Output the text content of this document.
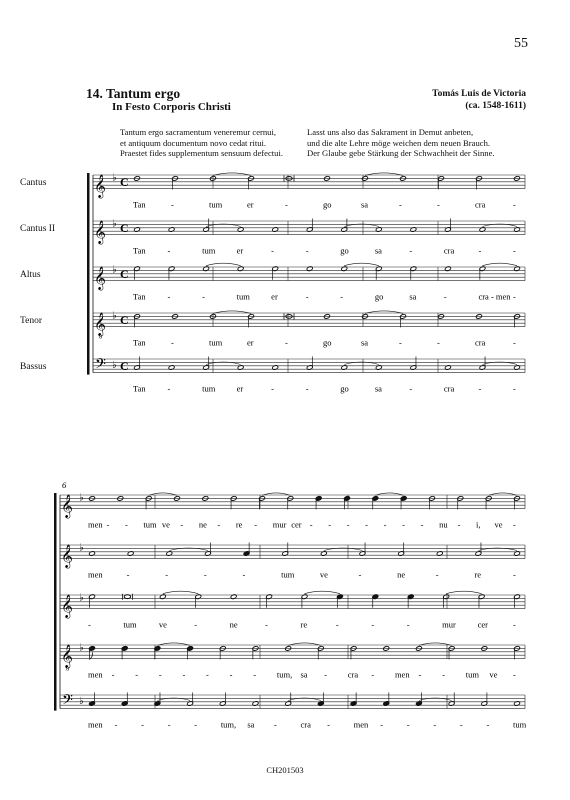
55
14. Tantum ergo
In Festo Corporis Christi
Tomás Luis de Victoria
(ca. 1548-1611)
Tantum ergo sacramentum veneremur cernui,
et antiquum documentum novo cedat ritui.
Praestet fides supplementum sensuum defectui.
Lasst uns also das Sakrament in Demut anbeten,
und die alte Lehre möge weichen dem neuen Brauch.
Der Glaube gebe Stärkung der Schwachheit der Sinne.
Cantus
Cantus II
Altus
Tenor
Bassus
𝄞 ♭ C
Tan	-	tum	er	-	go	sa	-	-	cra	-
𝄞 ♭ C
Tan	-	tum	er	-	-	go	sa	-	cra	-	-
𝄞 ♭ C
Tan	-	-	tum	er	-	-	go	sa	-	cra - men -
𝄞
8
♭ C
Tan	-	tum	er	-	go	sa	-	-	cra	-
𝄢 ♭ C
Tan	-	tum	er	-	-	go	sa	-	cra	-	-
𝄞 ♭
men - - tum ve - ne - re - mur cer - - - - - - - nu - i, ve -
𝄞 ♭
men	-	-	-	-	tum	ve	-	ne	-	re	-
𝄞 ♭
-	tum	ve	-	ne	-	re	-	-	-	mur	cer	-
𝄞
8
♭
men - - - - - - - tum, sa - cra - men - - tum ve -
𝄢 ♭
men -	-	-	-	tum, sa -	cra -	men -	-	-	-	-	tum
6
CH201503
